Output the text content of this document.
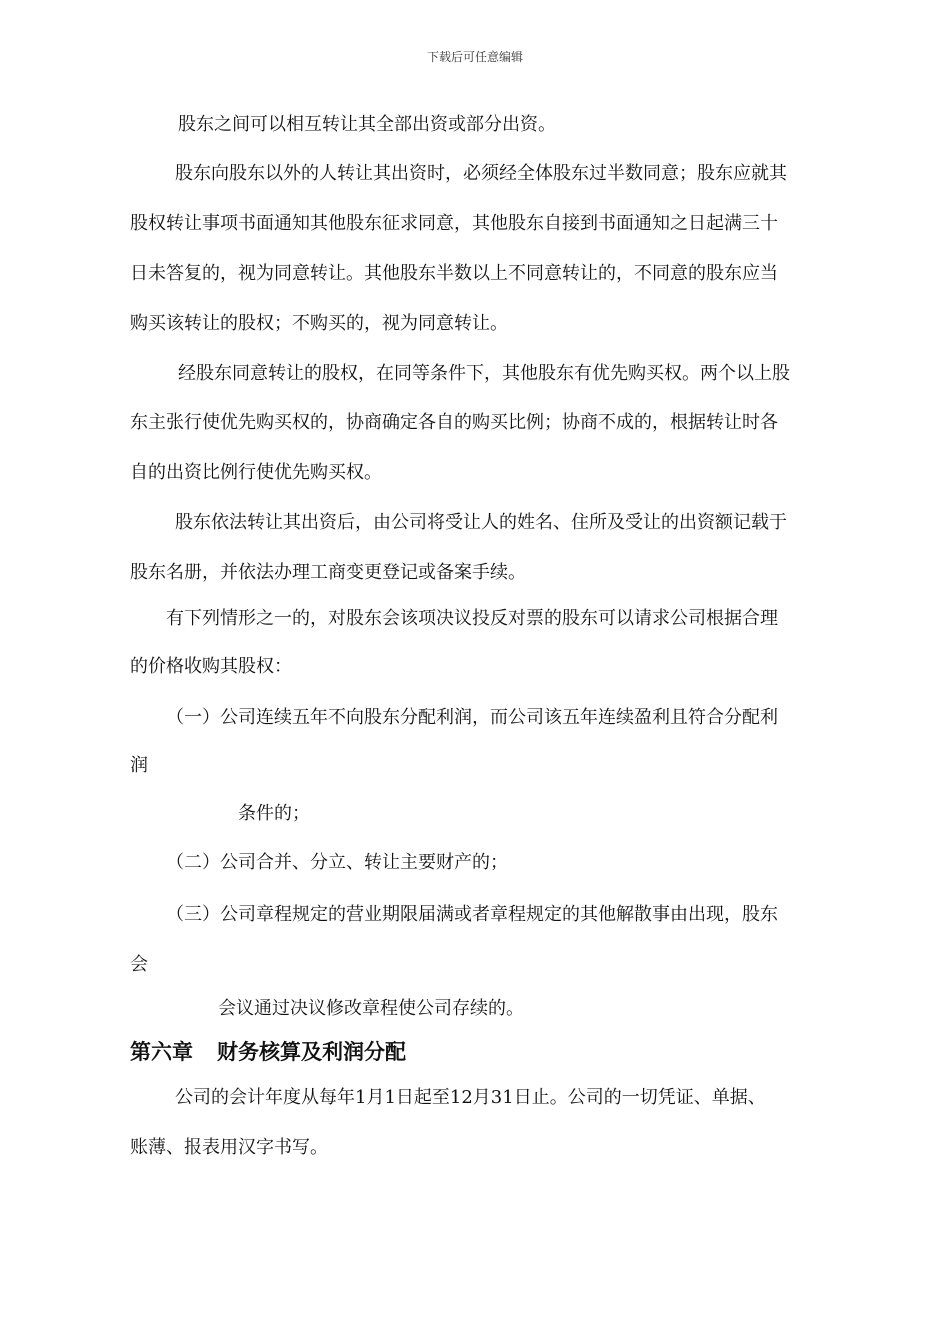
下载后可任意编辑
股东之间可以相互转让其全部出资或部分出资。
股东向股东以外的人转让其出资时，必须经全体股东过半数同意；股东应就其
股权转让事项书面通知其他股东征求同意，其他股东自接到书面通知之日起满三十
日未答复的，视为同意转让。其他股东半数以上不同意转让的，不同意的股东应当
购买该转让的股权；不购买的，视为同意转让。
经股东同意转让的股权，在同等条件下，其他股东有优先购买权。两个以上股
东主张行使优先购买权的，协商确定各自的购买比例；协商不成的，根据转让时各
自的出资比例行使优先购买权。
股东依法转让其出资后，由公司将受让人的姓名、住所及受让的出资额记载于
股东名册，并依法办理工商变更登记或备案手续。
有下列情形之一的，对股东会该项决议投反对票的股东可以请求公司根据合理
的价格收购其股权：
（一）公司连续五年不向股东分配利润，而公司该五年连续盈利且符合分配利
润
条件的；
（二）公司合并、分立、转让主要财产的；
（三）公司章程规定的营业期限届满或者章程规定的其他解散事由出现，股东
会
会议通过决议修改章程使公司存续的。
第六章 财务核算及利润分配
公司的会计年度从每年1月1日起至12月31日止。公司的一切凭证、单据、
账薄、报表用汉字书写。
